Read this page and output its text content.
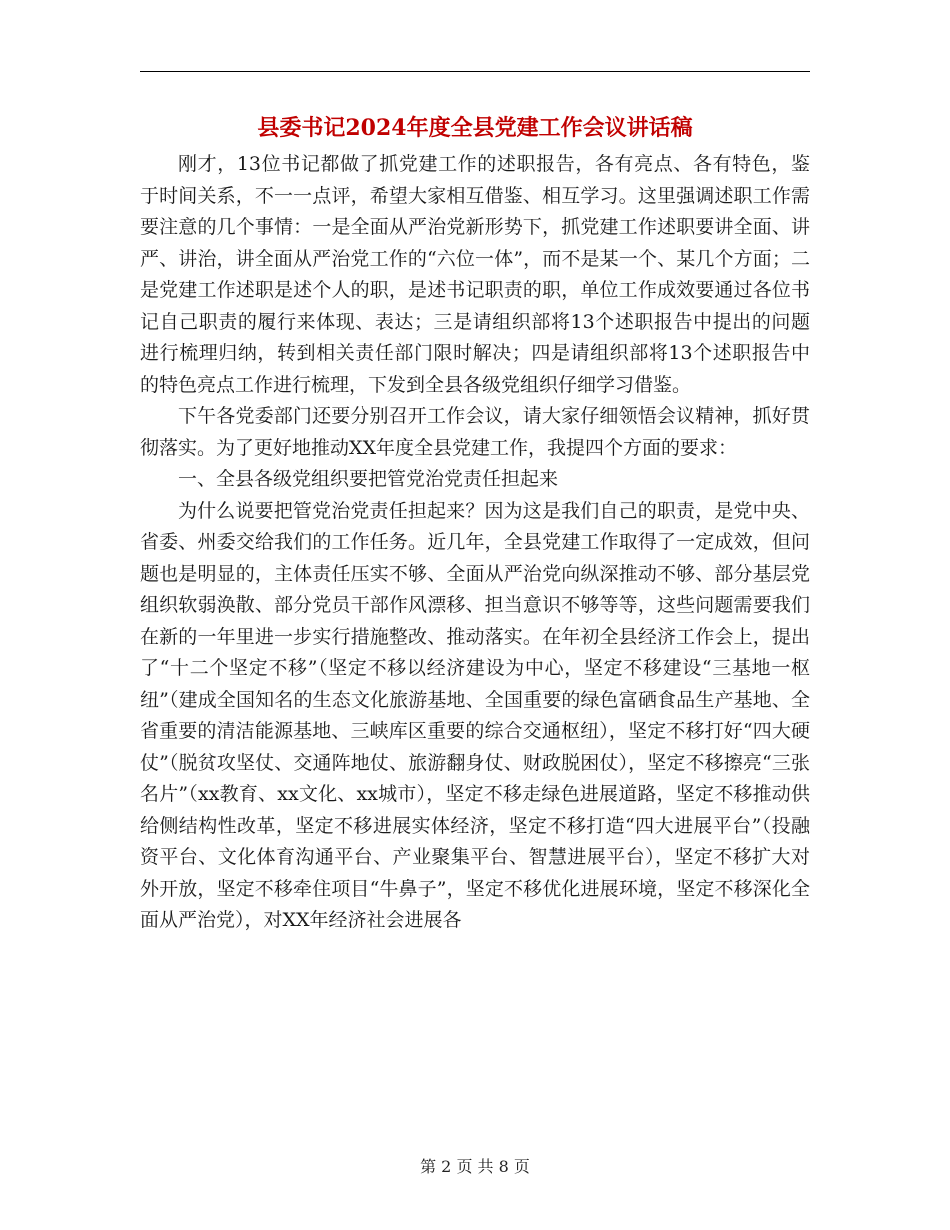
县委书记2024年度全县党建工作会议讲话稿

刚才，13位书记都做了抓党建工作的述职报告，各有亮点、各有特色，鉴于时间关系，不一一点评，希望大家相互借鉴、相互学习。这里强调述职工作需要注意的几个事情：一是全面从严治党新形势下，抓党建工作述职要讲全面、讲严、讲治，讲全面从严治党工作的“六位一体”，而不是某一个、某几个方面；二是党建工作述职是述个人的职，是述书记职责的职，单位工作成效要通过各位书记自己职责的履行来体现、表达；三是请组织部将13个述职报告中提出的问题进行梳理归纳，转到相关责任部门限时解决；四是请组织部将13个述职报告中的特色亮点工作进行梳理，下发到全县各级党组织仔细学习借鉴。

下午各党委部门还要分别召开工作会议，请大家仔细领悟会议精神，抓好贯彻落实。为了更好地推动XX年度全县党建工作，我提四个方面的要求：

一、全县各级党组织要把管党治党责任担起来

为什么说要把管党治党责任担起来？因为这是我们自己的职责，是党中央、省委、州委交给我们的工作任务。近几年，全县党建工作取得了一定成效，但问题也是明显的，主体责任压实不够、全面从严治党向纵深推动不够、部分基层党组织软弱涣散、部分党员干部作风漂移、担当意识不够等等，这些问题需要我们在新的一年里进一步实行措施整改、推动落实。在年初全县经济工作会上，提出了“十二个坚定不移”（坚定不移以经济建设为中心，坚定不移建设“三基地一枢纽”（建成全国知名的生态文化旅游基地、全国重要的绿色富硒食品生产基地、全省重要的清洁能源基地、三峡库区重要的综合交通枢纽），坚定不移打好“四大硬仗”（脱贫攻坚仗、交通阵地仗、旅游翻身仗、财政脱困仗），坚定不移擦亮“三张名片”（xx教育、xx文化、xx城市），坚定不移走绿色进展道路，坚定不移推动供给侧结构性改革，坚定不移进展实体经济，坚定不移打造“四大进展平台”（投融资平台、文化体育沟通平台、产业聚集平台、智慧进展平台），坚定不移扩大对外开放，坚定不移牵住项目“牛鼻子”，坚定不移优化进展环境，坚定不移深化全面从严治党），对XX年经济社会进展各

第 2 页 共 8 页
